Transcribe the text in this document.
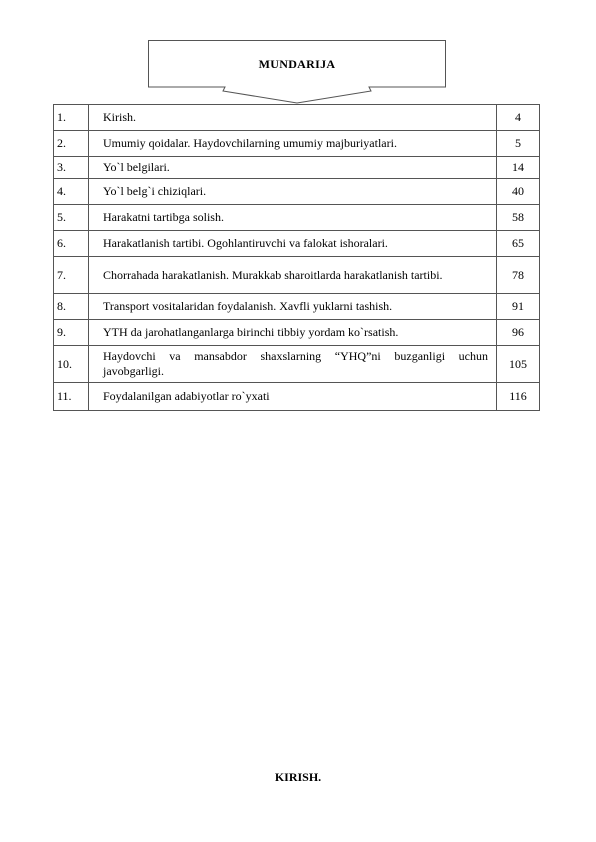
MUNDARIJA
1.	Kirish.	4
2.	Umumiy qoidalar. Haydovchilarning umumiy majburiyatlari.	5
3.	Yo`l belgilari.	14
4.	Yo`l belg`i chiziqlari.	40
5.	Harakatni tartibga solish.	58
6.	Harakatlanish tartibi. Ogohlantiruvchi va falokat ishoralari.	65
7.	Chorrahada harakatlanish. Murakkab sharoitlarda harakatlanish tartibi.	78
8.	Transport vositalaridan foydalanish. Xavfli yuklarni tashish.	91
9.	YTH da jarohatlanganlarga birinchi tibbiy yordam ko`rsatish.	96
10.	Haydovchi va mansabdor shaxslarning “YHQ”ni buzganligi uchun javobgarligi.	105
11.	Foydalanilgan adabiyotlar ro`yxati	116
KIRISH.
